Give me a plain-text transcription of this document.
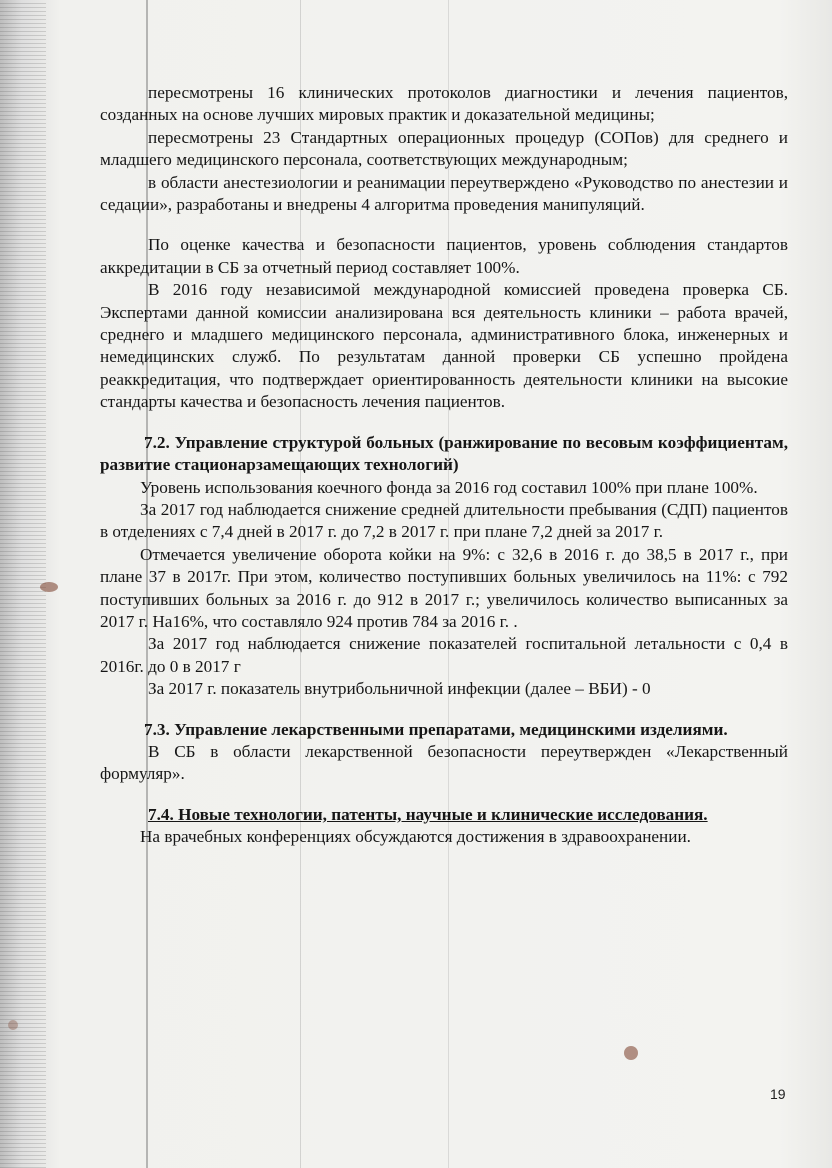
пересмотрены 16 клинических протоколов диагностики и лечения пациентов, созданных на основе лучших мировых практик и доказательной медицины;

пересмотрены 23 Стандартных операционных процедур (СОПов) для среднего и младшего медицинского персонала, соответствующих международным;

в области анестезиологии и реанимации переутверждено «Руководство по анестезии и седации», разработаны и внедрены 4 алгоритма проведения манипуляций.

По оценке качества и безопасности пациентов, уровень соблюдения стандартов аккредитации в СБ за отчетный период составляет 100%.

В 2016 году независимой международной комиссией проведена проверка СБ. Экспертами данной комиссии анализирована вся деятельность клиники – работа врачей, среднего и младшего медицинского персонала, административного блока, инженерных и немедицинских служб. По результатам данной проверки СБ успешно пройдена реаккредитация, что подтверждает ориентированность деятельности клиники на высокие стандарты качества и безопасность лечения пациентов.

7.2. Управление структурой больных (ранжирование по весовым коэффициентам, развитие стационарзамещающих технологий)

Уровень использования коечного фонда за 2016 год составил 100% при плане 100%.

За 2017 год наблюдается снижение средней длительности пребывания (СДП) пациентов в отделениях с 7,4 дней в 2017 г. до 7,2 в 2017 г. при плане 7,2 дней за 2017 г.

Отмечается увеличение оборота койки на 9%: с 32,6 в 2016 г. до 38,5 в 2017 г., при плане 37 в 2017г. При этом, количество поступивших больных увеличилось на 11%: с 792 поступивших больных за 2016 г. до 912 в 2017 г.; увеличилось количество выписанных за 2017 г. На16%, что составляло 924 против 784 за 2016 г. .

За 2017 год наблюдается снижение показателей госпитальной летальности с 0,4 в 2016г. до 0 в 2017 г

За 2017 г. показатель внутрибольничной инфекции (далее – ВБИ) - 0

7.3. Управление лекарственными препаратами, медицинскими изделиями.

В СБ в области лекарственной безопасности переутвержден «Лекарственный формуляр».

7.4. Новые технологии, патенты, научные и клинические исследования.

На врачебных конференциях обсуждаются достижения в здравоохранении.

19
